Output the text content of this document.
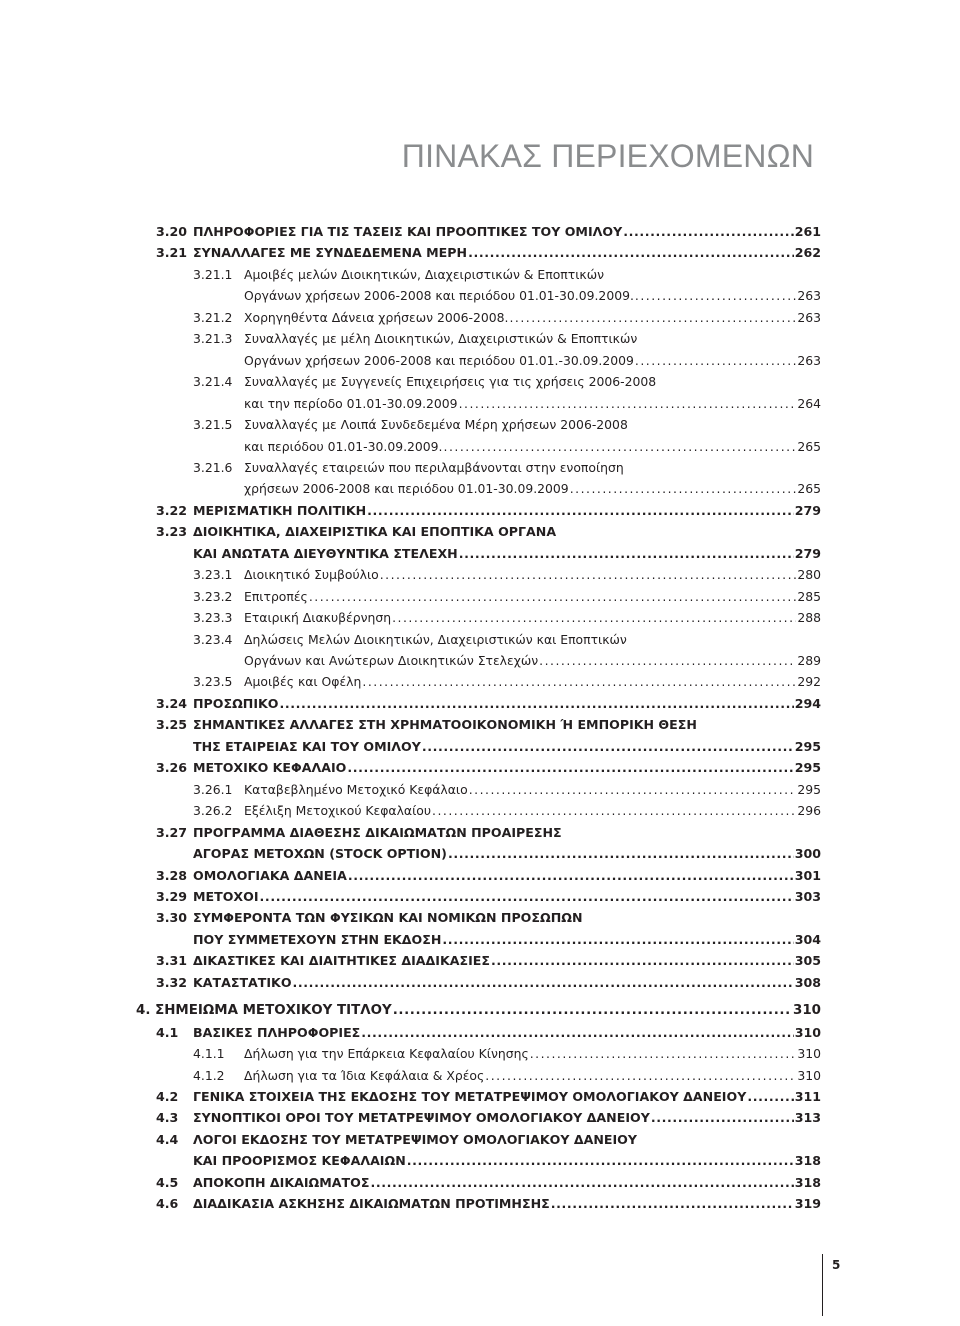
ΠΙΝΑΚΑΣ ΠΕΡΙΕΧΟΜΕΝΩΝ
3.20 ΠΛΗΡΟΦΟΡΙΕΣ ΓΙΑ ΤΙΣ ΤΑΣΕΙΣ ΚΑΙ ΠΡΟΟΠΤΙΚΕΣ ΤΟΥ ΟΜΙΛΟΥ .....	261
3.21 ΣΥΝΑΛΛΑΓΕΣ ΜΕ ΣΥΝΔΕΔΕΜΕΝΑ ΜΕΡΗ .....	262
3.21.1 Αμοιβές μελών Διοικητικών, Διαχειριστικών & Εποπτικών
Οργάνων χρήσεων 2006-2008 και περιόδου 01.01-30.09.2009. .....	263
3.21.2 Χορηγηθέντα Δάνεια χρήσεων 2006-2008. .....	263
3.21.3 Συναλλαγές με μέλη Διοικητικών, Διαχειριστικών & Εποπτικών
Οργάνων χρήσεων 2006-2008 και περιόδου 01.01.-30.09.2009 .....	263
3.21.4 Συναλλαγές με Συγγενείς Επιχειρήσεις για τις χρήσεις 2006-2008
και την περίοδο 01.01-30.09.2009 .....	264
3.21.5 Συναλλαγές με Λοιπά Συνδεδεμένα Μέρη χρήσεων 2006-2008
και περιόδου 01.01-30.09.2009. .....	265
3.21.6 Συναλλαγές εταιρειών που περιλαμβάνονται στην ενοποίηση
χρήσεων 2006-2008 και περιόδου 01.01-30.09.2009 .....	265
3.22 ΜΕΡΙΣΜΑΤΙΚΗ ΠΟΛΙΤΙΚΗ .....	279
3.23 ΔΙΟΙΚΗΤΙΚΑ, ΔΙΑΧΕΙΡΙΣΤΙΚΑ ΚΑΙ ΕΠΟΠΤΙΚΑ ΟΡΓΑΝΑ
ΚΑΙ ΑΝΩΤΑΤΑ ΔΙΕΥΘΥΝΤΙΚΑ ΣΤΕΛΕΧΗ .....	279
3.23.1 Διοικητικό Συμβούλιο .....	280
3.23.2 Επιτροπές .....	285
3.23.3 Εταιρική Διακυβέρνηση .....	288
3.23.4 Δηλώσεις Μελών Διοικητικών, Διαχειριστικών και Εποπτικών
Οργάνων και Ανώτερων Διοικητικών Στελεχών .....	289
3.23.5 Αμοιβές και Οφέλη .....	292
3.24 ΠΡΟΣΩΠΙΚΟ .....	294
3.25 ΣΗΜΑΝΤΙΚΕΣ ΑΛΛΑΓΕΣ ΣΤΗ ΧΡΗΜΑΤΟΟΙΚΟΝΟΜΙΚΗ Ή ΕΜΠΟΡΙΚΗ ΘΕΣΗ
ΤΗΣ ΕΤΑΙΡΕΙΑΣ ΚΑΙ ΤΟΥ ΟΜΙΛΟΥ .....	295
3.26 ΜΕΤΟΧΙΚΟ ΚΕΦΑΛΑΙΟ .....	295
3.26.1 Καταβεβλημένο Μετοχικό Κεφάλαιο .....	295
3.26.2 Εξέλιξη Μετοχικού Κεφαλαίου .....	296
3.27 ΠΡΟΓΡΑΜΜΑ ΔΙΑΘΕΣΗΣ ΔΙΚΑΙΩΜΑΤΩΝ ΠΡΟΑΙΡΕΣΗΣ
ΑΓΟΡΑΣ ΜΕΤΟΧΩΝ (STOCK OPTION) .....	300
3.28 ΟΜΟΛΟΓΙΑΚΑ ΔΑΝΕΙΑ .....	301
3.29 ΜΕΤΟΧΟΙ .....	303
3.30 ΣΥΜΦΕΡΟΝΤΑ ΤΩΝ ΦΥΣΙΚΩΝ ΚΑΙ ΝΟΜΙΚΩΝ ΠΡΟΣΩΠΩΝ
ΠΟΥ ΣΥΜΜΕΤΕΧΟΥΝ ΣΤΗΝ ΕΚΔΟΣΗ .....	304
3.31 ΔΙΚΑΣΤΙΚΕΣ ΚΑΙ ΔΙΑΙΤΗΤΙΚΕΣ ΔΙΑΔΙΚΑΣΙΕΣ .....	305
3.32 ΚΑΤΑΣΤΑΤΙΚΟ .....	308
4. ΣΗΜΕΙΩΜΑ ΜΕΤΟΧΙΚΟΥ ΤΙΤΛΟΥ .....	310
4.1 ΒΑΣΙΚΕΣ ΠΛΗΡΟΦΟΡΙΕΣ .....	310
4.1.1 Δήλωση για την Επάρκεια Κεφαλαίου Κίνησης .....	310
4.1.2 Δήλωση για τα Ίδια Κεφάλαια & Χρέος .....	310
4.2 ΓΕΝΙΚΑ ΣΤΟΙΧΕΙΑ ΤΗΣ ΕΚΔΟΣΗΣ ΤΟΥ ΜΕΤΑΤΡΕΨΙΜΟΥ ΟΜΟΛΟΓΙΑΚΟΥ ΔΑΝΕΙΟΥ .....	311
4.3 ΣΥΝΟΠΤΙΚΟΙ ΟΡΟΙ ΤΟΥ ΜΕΤΑΤΡΕΨΙΜΟΥ ΟΜΟΛΟΓΙΑΚΟΥ ΔΑΝΕΙΟΥ .....	313
4.4 ΛΟΓΟΙ ΕΚΔΟΣΗΣ ΤΟΥ ΜΕΤΑΤΡΕΨΙΜΟΥ ΟΜΟΛΟΓΙΑΚΟΥ ΔΑΝΕΙΟΥ
ΚΑΙ ΠΡΟΟΡΙΣΜΟΣ ΚΕΦΑΛΑΙΩΝ .....	318
4.5 ΑΠΟΚΟΠΗ ΔΙΚΑΙΩΜΑΤΟΣ .....	318
4.6 ΔΙΑΔΙΚΑΣΙΑ ΑΣΚΗΣΗΣ ΔΙΚΑΙΩΜΑΤΩΝ ΠΡΟΤΙΜΗΣΗΣ .....	319
5
